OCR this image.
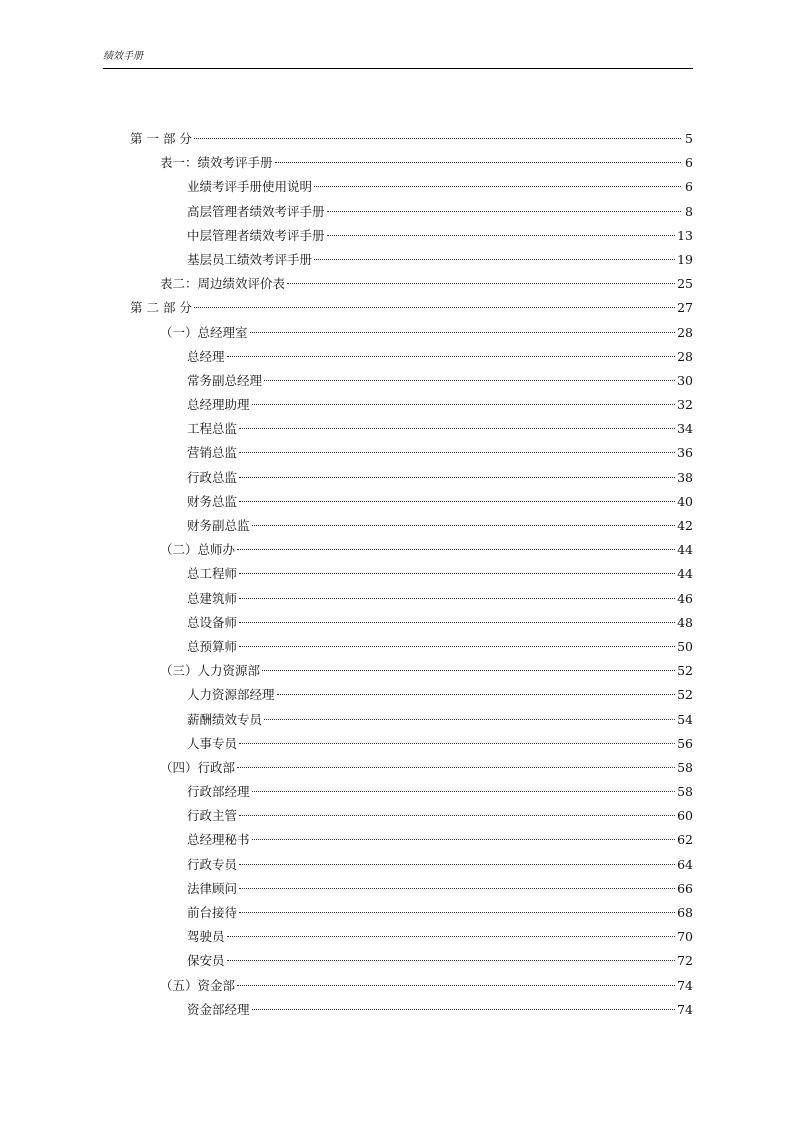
绩效手册
第 一 部 分	5
表一：绩效考评手册	6
业绩考评手册使用说明	6
高层管理者绩效考评手册	8
中层管理者绩效考评手册	13
基层员工绩效考评手册	19
表二：周边绩效评价表	25
第 二 部 分	27
（一）总经理室	28
总经理	28
常务副总经理	30
总经理助理	32
工程总监	34
营销总监	36
行政总监	38
财务总监	40
财务副总监	42
（二）总师办	44
总工程师	44
总建筑师	46
总设备师	48
总预算师	50
（三）人力资源部	52
人力资源部经理	52
薪酬绩效专员	54
人事专员	56
（四）行政部	58
行政部经理	58
行政主管	60
总经理秘书	62
行政专员	64
法律顾问	66
前台接待	68
驾驶员	70
保安员	72
（五）资金部	74
资金部经理	74
